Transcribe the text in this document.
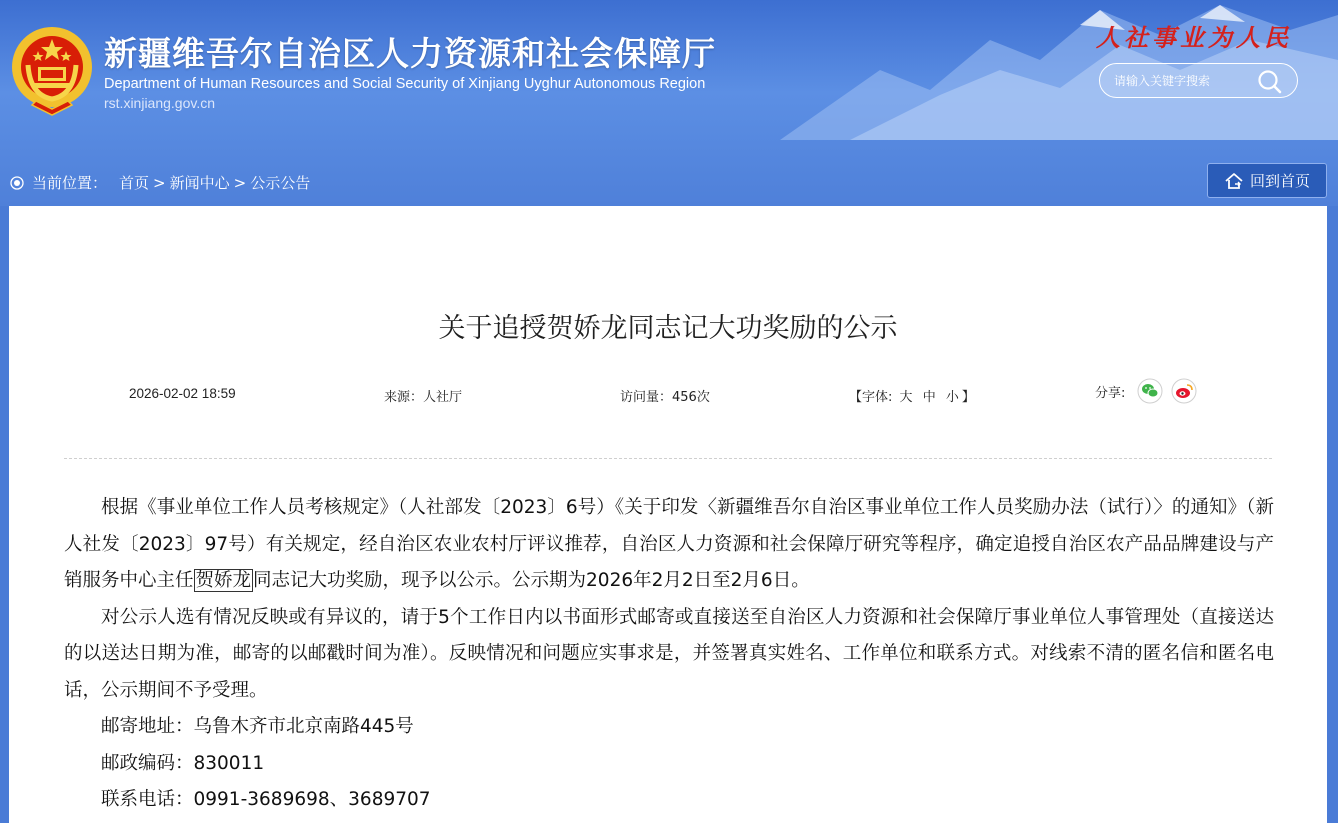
新疆维吾尔自治区人力资源和社会保障厅
Department of Human Resources and Social Security of Xinjiang Uyghur Autonomous Region
rst.xinjiang.gov.cn
人社事业为人民
请输入关键字搜索
当前位置： 首页 > 新闻中心 > 公示公告	回到首页
关于追授贺娇龙同志记大功奖励的公示
2026-02-02 18:59	来源：人社厅	访问量：456次	【字体: 大 中 小 】	分享:

根据《事业单位工作人员考核规定》（人社部发〔2023〕6号）《关于印发〈新疆维吾尔自治区事业单位工作人员奖励办法（试行）〉的通知》（新人社发〔2023〕97号）有关规定，经自治区农业农村厅评议推荐，自治区人力资源和社会保障厅研究等程序，确定追授自治区农产品品牌建设与产销服务中心主任 贺娇龙 同志记大功奖励，现予以公示。公示期为2026年2月2日至2月6日。

对公示人选有情况反映或有异议的，请于5个工作日内以书面形式邮寄或直接送至自治区人力资源和社会保障厅事业单位人事管理处（直接送达的以送达日期为准，邮寄的以邮戳时间为准）。反映情况和问题应实事求是，并签署真实姓名、工作单位和联系方式。对线索不清的匿名信和匿名电话，公示期间不予受理。

邮寄地址：乌鲁木齐市北京南路445号

邮政编码：830011

联系电话：0991-3689698、3689707
